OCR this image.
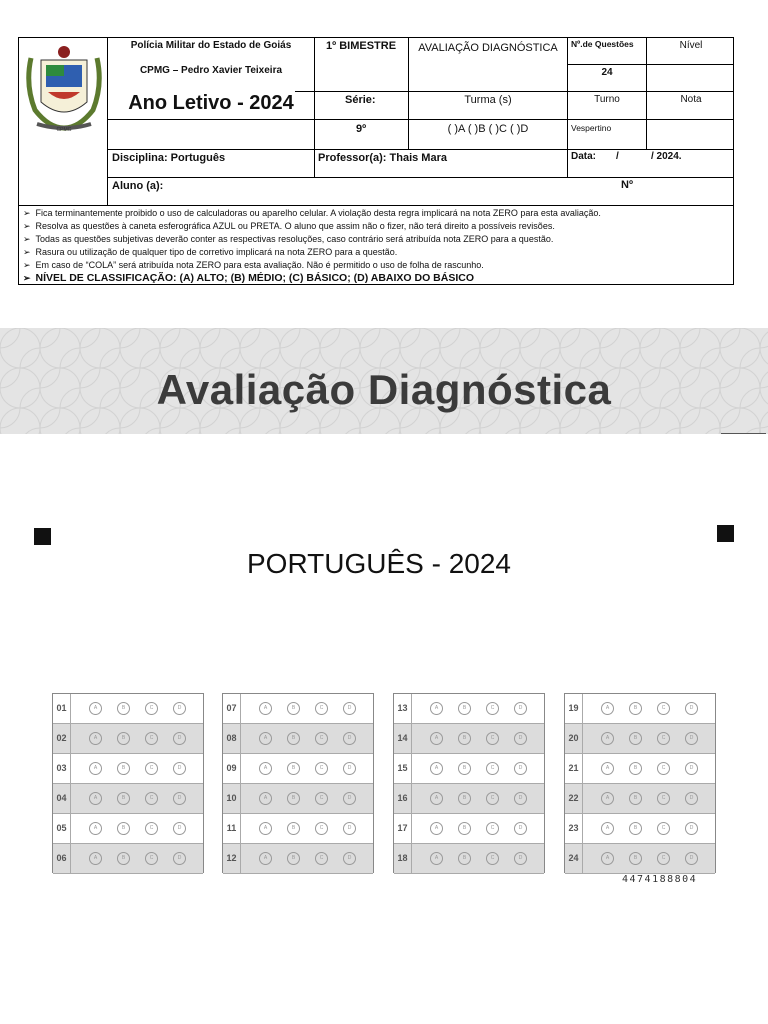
CPMG
Polícia Militar do Estado de Goiás
CPMG – Pedro Xavier Teixeira
Ano Letivo - 2024
1º BIMESTRE	AVALIAÇÃO DIAGNÓSTICA	Nº.de Questões	Nível
24
Série:	Turma (s)	Turno	Nota
9º	( )A ( )B ( )C ( )D	Vespertino
Disciplina: Português	Professor(a): Thais Mara	Data: /	/ 2024.
Aluno (a):	Nº
➢ Fica terminantemente proibido o uso de calculadoras ou aparelho celular. A violação desta regra implicará na nota ZERO para esta avaliação.
➢ Resolva as questões à caneta esferográfica AZUL ou PRETA. O aluno que assim não o fizer, não terá direito a possíveis revisões.
➢ Todas as questões subjetivas deverão conter as respectivas resoluções, caso contrário será atribuída nota ZERO para a questão.
➢ Rasura ou utilização de qualquer tipo de corretivo implicará na nota ZERO para a questão.
➢ Em caso de “COLA” será atribuída nota ZERO para esta avaliação. Não é permitido o uso de folha de rascunho.
➢ NÍVEL DE CLASSIFICAÇÃO: (A) ALTO; (B) MÉDIO; (C) BÁSICO; (D) ABAIXO DO BÁSICO
Avaliação Diagnóstica
PORTUGUÊS - 2024
01	A	B	C	D
02	A	B	C	D
03	A	B	C	D
04	A	B	C	D
05	A	B	C	D
06	A	B	C	D
07	A	B	C	D
08	A	B	C	D
09	A	B	C	D
10	A	B	C	D
11	A	B	C	D
12	A	B	C	D
13	A	B	C	D
14	A	B	C	D
15	A	B	C	D
16	A	B	C	D
17	A	B	C	D
18	A	B	C	D
19	A	B	C	D
20	A	B	C	D
21	A	B	C	D
22	A	B	C	D
23	A	B	C	D
24	A	B	C	D
4474188804
